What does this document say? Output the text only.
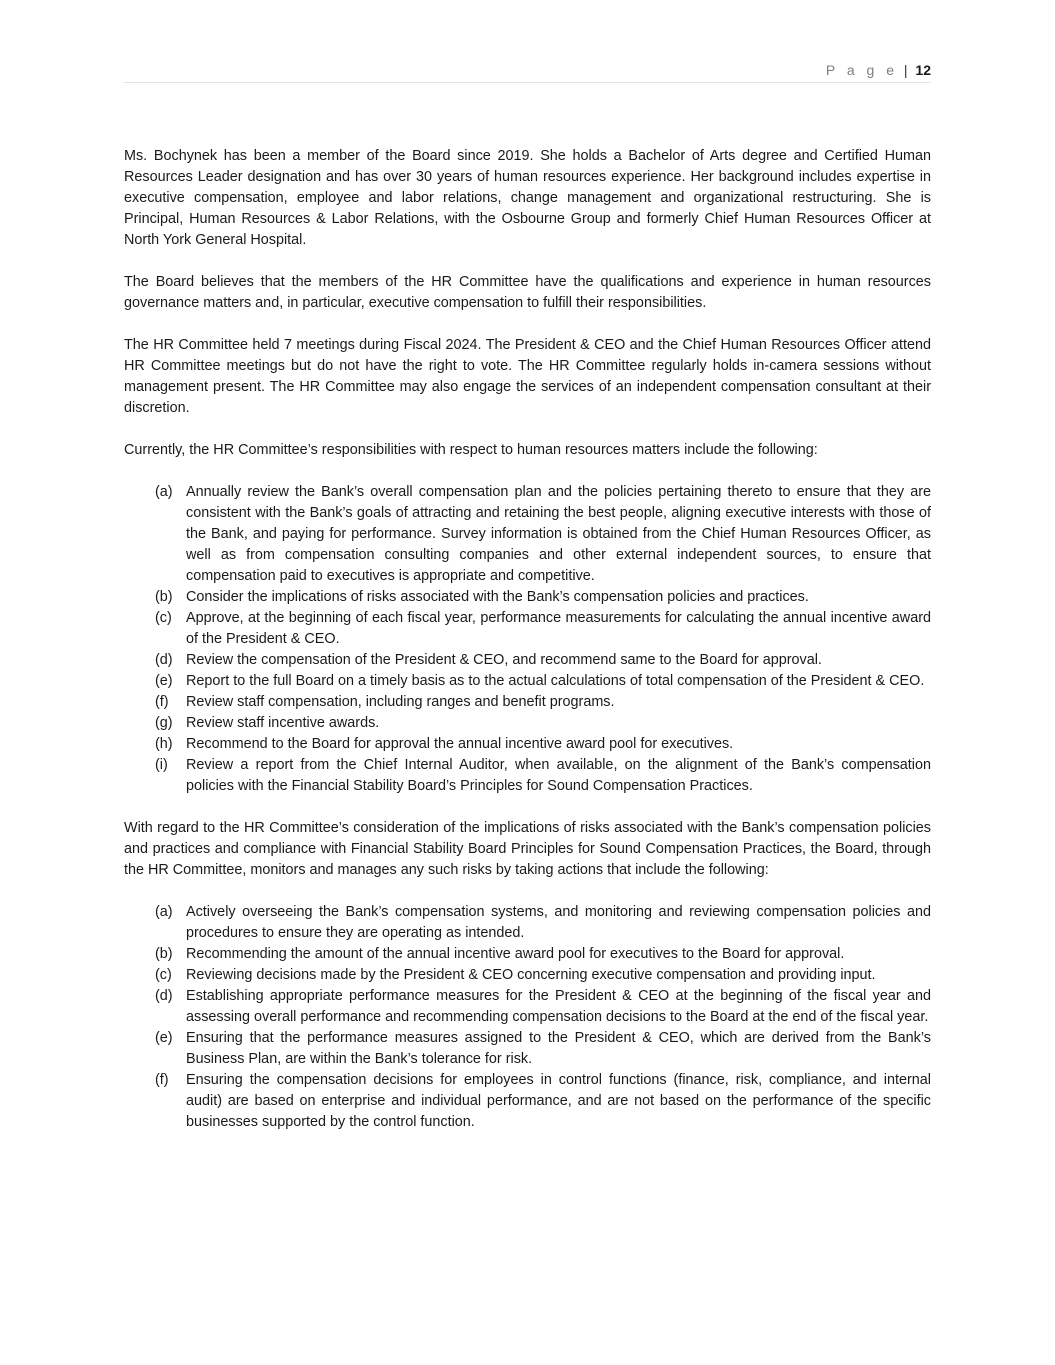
P a g e | 12

Ms. Bochynek has been a member of the Board since 2019. She holds a Bachelor of Arts degree and Certified Human Resources Leader designation and has over 30 years of human resources experience. Her background includes expertise in executive compensation, employee and labor relations, change management and organizational restructuring. She is Principal, Human Resources & Labor Relations, with the Osbourne Group and formerly Chief Human Resources Officer at North York General Hospital.

The Board believes that the members of the HR Committee have the qualifications and experience in human resources governance matters and, in particular, executive compensation to fulfill their responsibilities.

The HR Committee held 7 meetings during Fiscal 2024. The President & CEO and the Chief Human Resources Officer attend HR Committee meetings but do not have the right to vote. The HR Committee regularly holds in-camera sessions without management present. The HR Committee may also engage the services of an independent compensation consultant at their discretion.

Currently, the HR Committee’s responsibilities with respect to human resources matters include the following:

(a) Annually review the Bank’s overall compensation plan and the policies pertaining thereto to ensure that they are consistent with the Bank’s goals of attracting and retaining the best people, aligning executive interests with those of the Bank, and paying for performance. Survey information is obtained from the Chief Human Resources Officer, as well as from compensation consulting companies and other external independent sources, to ensure that compensation paid to executives is appropriate and competitive.
(b) Consider the implications of risks associated with the Bank’s compensation policies and practices.
(c) Approve, at the beginning of each fiscal year, performance measurements for calculating the annual incentive award of the President & CEO.
(d) Review the compensation of the President & CEO, and recommend same to the Board for approval.
(e) Report to the full Board on a timely basis as to the actual calculations of total compensation of the President & CEO.
(f) Review staff compensation, including ranges and benefit programs.
(g) Review staff incentive awards.
(h) Recommend to the Board for approval the annual incentive award pool for executives.
(i) Review a report from the Chief Internal Auditor, when available, on the alignment of the Bank’s compensation policies with the Financial Stability Board’s Principles for Sound Compensation Practices.

With regard to the HR Committee’s consideration of the implications of risks associated with the Bank’s compensation policies and practices and compliance with Financial Stability Board Principles for Sound Compensation Practices, the Board, through the HR Committee, monitors and manages any such risks by taking actions that include the following:

(a) Actively overseeing the Bank’s compensation systems, and monitoring and reviewing compensation policies and procedures to ensure they are operating as intended.
(b) Recommending the amount of the annual incentive award pool for executives to the Board for approval.
(c) Reviewing decisions made by the President & CEO concerning executive compensation and providing input.
(d) Establishing appropriate performance measures for the President & CEO at the beginning of the fiscal year and assessing overall performance and recommending compensation decisions to the Board at the end of the fiscal year.
(e) Ensuring that the performance measures assigned to the President & CEO, which are derived from the Bank’s Business Plan, are within the Bank’s tolerance for risk.
(f) Ensuring the compensation decisions for employees in control functions (finance, risk, compliance, and internal audit) are based on enterprise and individual performance, and are not based on the performance of the specific businesses supported by the control function.
